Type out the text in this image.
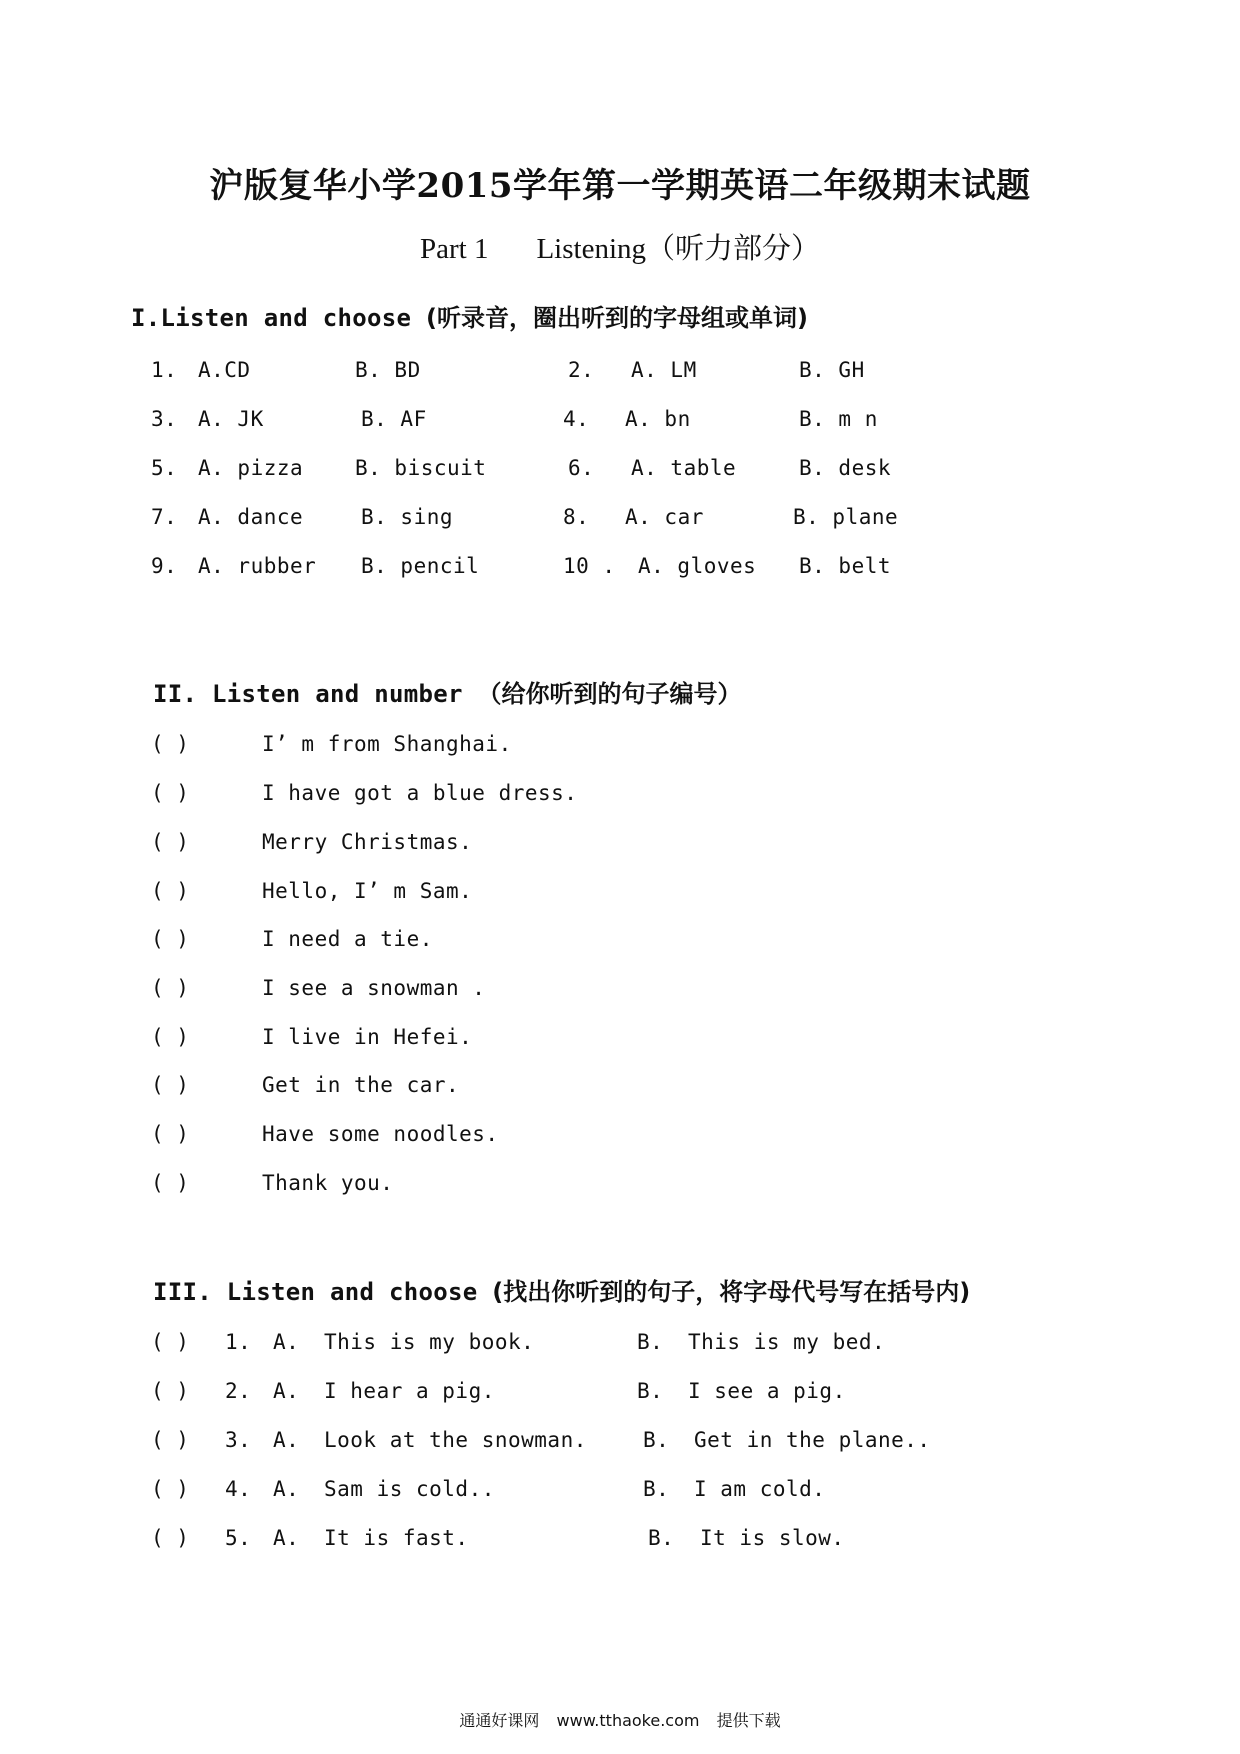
沪版复华小学2015学年第一学期英语二年级期末试题
Part 1 Listening（听力部分）
I.Listen and choose (听录音，圈出听到的字母组或单词)
1. A.CD	B. BD	2. A. LM	B. GH
3. A. JK	B. AF	4. A. bn	B. m n
5. A. pizza B. biscuit	6. A. table	B. desk
7. A. dance	B. sing	8. A. car	B. plane
9. A. rubber B. pencil	10 . A. gloves B. belt
II. Listen and number （给你听到的句子编号）
( )	I’ m from Shanghai.
( )	I have got a blue dress.
( )	Merry Christmas.
( )	Hello, I’ m Sam.
( )	I need a tie.
( )	I see a snowman .
( )	I live in Hefei.
( )	Get in the car.
( )	Have some noodles.
( )	Thank you.
III. Listen and choose (找出你听到的句子，将字母代号写在括号内)
( ) 1. A. This is my book.	B. This is my bed.
( ) 2. A. I hear a pig.	B. I see a pig.
( ) 3. A. Look at the snowman.	B. Get in the plane..
( ) 4. A. Sam is cold..	B. I am cold.
( ) 5. A. It is fast.	B. It is slow.
通通好课网 www.tthaoke.com 提供下载
